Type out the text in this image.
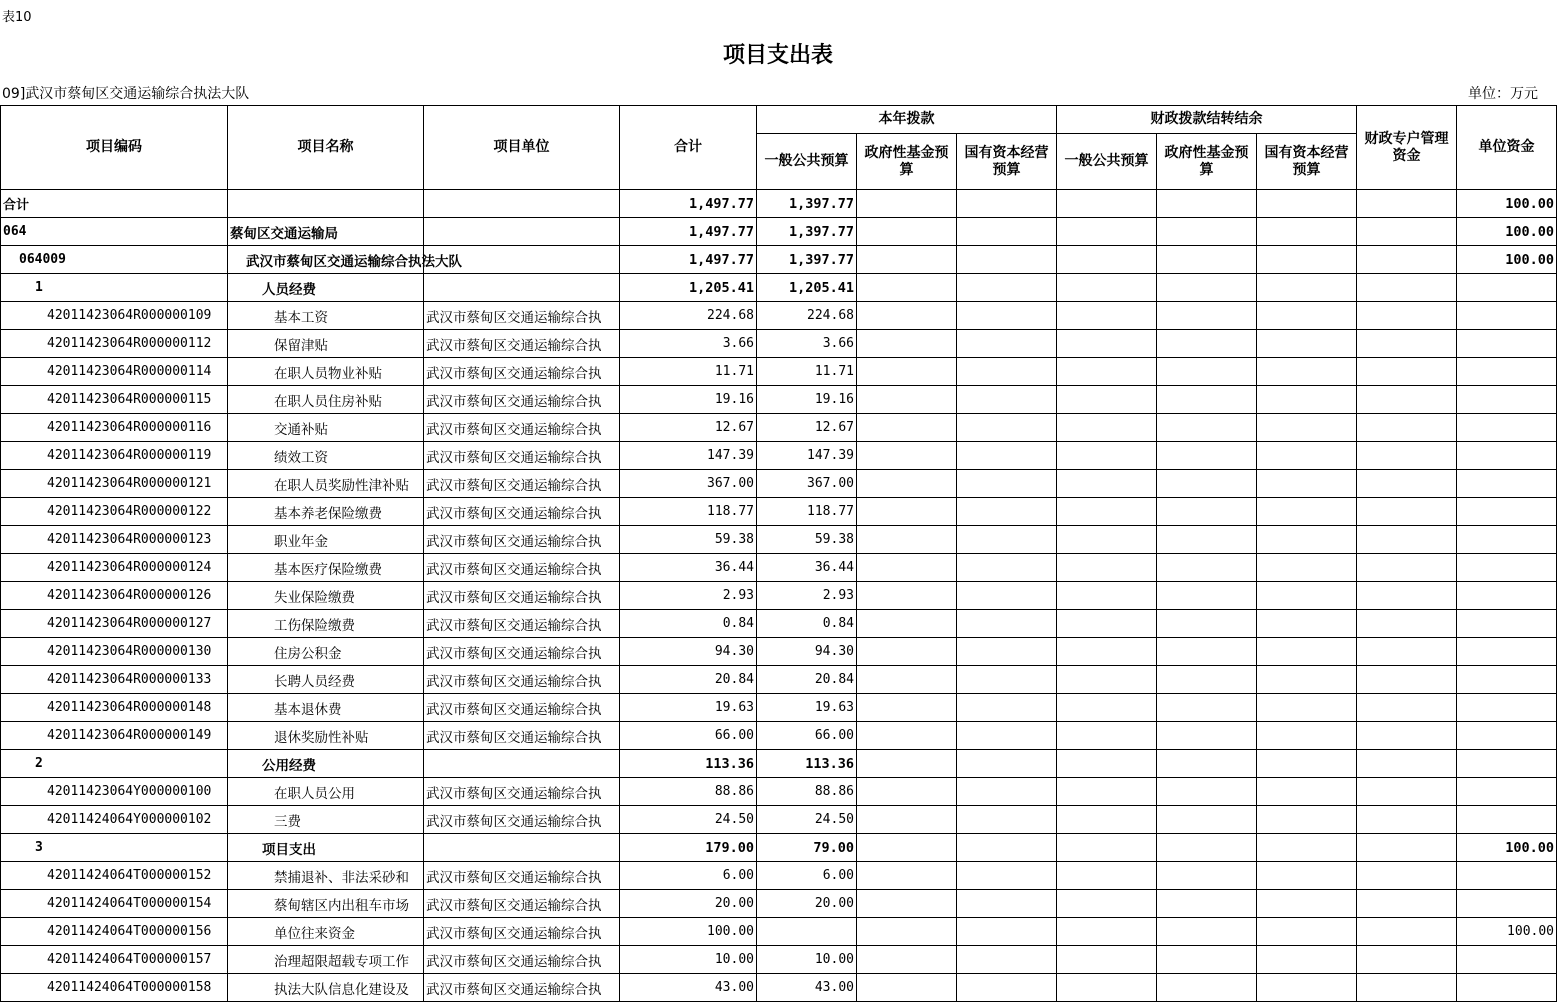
表10
项目支出表
09]武汉市蔡甸区交通运输综合执法大队	单位：万元
项目编码	项目名称	项目单位	合计	本年拨款			财政拨款结转结余			财政专户管理资金	单位资金
				一般公共预算	政府性基金预算	国有资本经营预算	一般公共预算	政府性基金预算	国有资本经营预算		
合计			1,497.77	1,397.77							100.00
064	蔡甸区交通运输局		1,497.77	1,397.77							100.00
064009	武汉市蔡甸区交通运输综合执法大队		1,497.77	1,397.77							100.00
1	人员经费		1,205.41	1,205.41							
42011423064R000000109	基本工资	武汉市蔡甸区交通运输综合执	224.68	224.68							
42011423064R000000112	保留津贴	武汉市蔡甸区交通运输综合执	3.66	3.66							
42011423064R000000114	在职人员物业补贴	武汉市蔡甸区交通运输综合执	11.71	11.71							
42011423064R000000115	在职人员住房补贴	武汉市蔡甸区交通运输综合执	19.16	19.16							
42011423064R000000116	交通补贴	武汉市蔡甸区交通运输综合执	12.67	12.67							
42011423064R000000119	绩效工资	武汉市蔡甸区交通运输综合执	147.39	147.39							
42011423064R000000121	在职人员奖励性津补贴	武汉市蔡甸区交通运输综合执	367.00	367.00							
42011423064R000000122	基本养老保险缴费	武汉市蔡甸区交通运输综合执	118.77	118.77							
42011423064R000000123	职业年金	武汉市蔡甸区交通运输综合执	59.38	59.38							
42011423064R000000124	基本医疗保险缴费	武汉市蔡甸区交通运输综合执	36.44	36.44							
42011423064R000000126	失业保险缴费	武汉市蔡甸区交通运输综合执	2.93	2.93							
42011423064R000000127	工伤保险缴费	武汉市蔡甸区交通运输综合执	0.84	0.84							
42011423064R000000130	住房公积金	武汉市蔡甸区交通运输综合执	94.30	94.30							
42011423064R000000133	长聘人员经费	武汉市蔡甸区交通运输综合执	20.84	20.84							
42011423064R000000148	基本退休费	武汉市蔡甸区交通运输综合执	19.63	19.63							
42011423064R000000149	退休奖励性补贴	武汉市蔡甸区交通运输综合执	66.00	66.00							
2	公用经费		113.36	113.36							
42011423064Y000000100	在职人员公用	武汉市蔡甸区交通运输综合执	88.86	88.86							
42011424064Y000000102	三费	武汉市蔡甸区交通运输综合执	24.50	24.50							
3	项目支出		179.00	79.00							100.00
42011424064T000000152	禁捕退补、非法采砂和	武汉市蔡甸区交通运输综合执	6.00	6.00							
42011424064T000000154	蔡甸辖区内出租车市场	武汉市蔡甸区交通运输综合执	20.00	20.00							
42011424064T000000156	单位往来资金	武汉市蔡甸区交通运输综合执	100.00								100.00
42011424064T000000157	治理超限超载专项工作	武汉市蔡甸区交通运输综合执	10.00	10.00							
42011424064T000000158	执法大队信息化建设及	武汉市蔡甸区交通运输综合执	43.00	43.00							
